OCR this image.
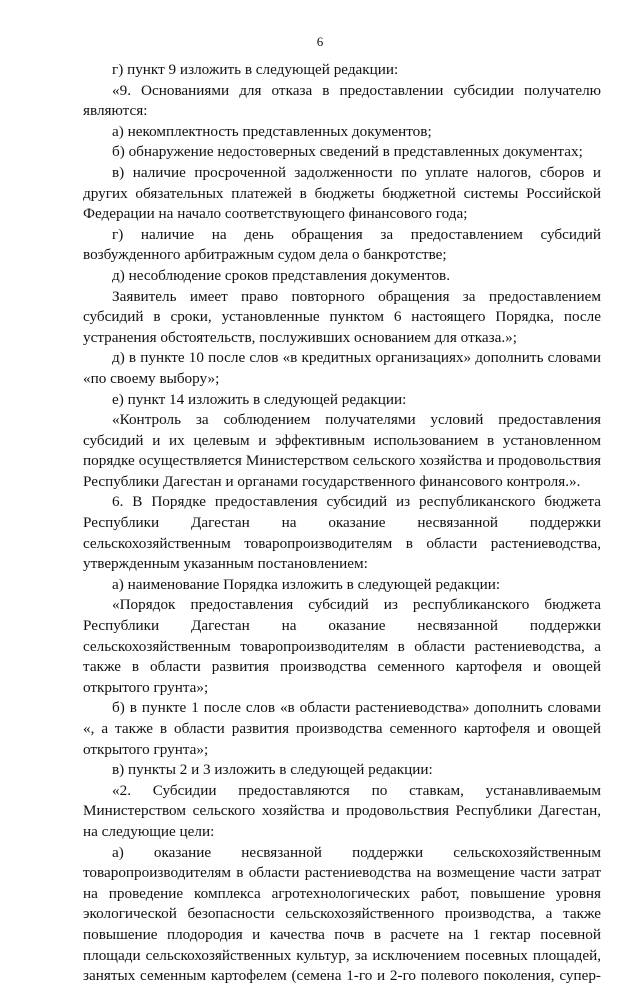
6

г) пункт 9 изложить в следующей редакции:

«9. Основаниями для отказа в предоставлении субсидии получателю являются:

а) некомплектность представленных документов;

б) обнаружение недостоверных сведений в представленных документах;

в) наличие просроченной задолженности по уплате налогов, сборов и других обязательных платежей в бюджеты бюджетной системы Российской Федерации на начало соответствующего финансового года;

г) наличие на день обращения за предоставлением субсидий возбужденного арбитражным судом дела о банкротстве;

д) несоблюдение сроков представления документов.

Заявитель имеет право повторного обращения за предоставлением субсидий в сроки, установленные пунктом 6 настоящего Порядка, после устранения обстоятельств, послуживших основанием для отказа.»;

д) в пункте 10 после слов «в кредитных организациях» дополнить словами «по своему выбору»;

е) пункт 14 изложить в следующей редакции:

«Контроль за соблюдением получателями условий предоставления субсидий и их целевым и эффективным использованием в установленном порядке осуществляется Министерством сельского хозяйства и продовольствия Республики Дагестан и органами государственного финансового контроля.».

6. В Порядке предоставления субсидий из республиканского бюджета Республики Дагестан на оказание несвязанной поддержки сельскохозяйственным товаропроизводителям в области растениеводства, утвержденным указанным постановлением:

а) наименование Порядка изложить в следующей редакции:

«Порядок предоставления субсидий из республиканского бюджета Республики Дагестан на оказание несвязанной поддержки сельскохозяйственным товаропроизводителям в области растениеводства, а также в области развития производства семенного картофеля и овощей открытого грунта»;

б) в пункте 1 после слов «в области растениеводства» дополнить словами «, а также в области развития производства семенного картофеля и овощей открытого грунта»;

в) пункты 2 и 3 изложить в следующей редакции:

«2. Субсидии предоставляются по ставкам, устанавливаемым Министерством сельского хозяйства и продовольствия Республики Дагестан, на следующие цели:

а) оказание несвязанной поддержки сельскохозяйственным товаропроизводителям в области растениеводства на возмещение части затрат на проведение комплекса агротехнологических работ, повышение уровня экологической безопасности сельскохозяйственного производства, а также повышение плодородия и качества почв в расчете на 1 гектар посевной площади сельскохозяйственных культур, за исключением посевных площадей, занятых семенным картофелем (семена 1-го и 2-го полевого поколения, супер-
